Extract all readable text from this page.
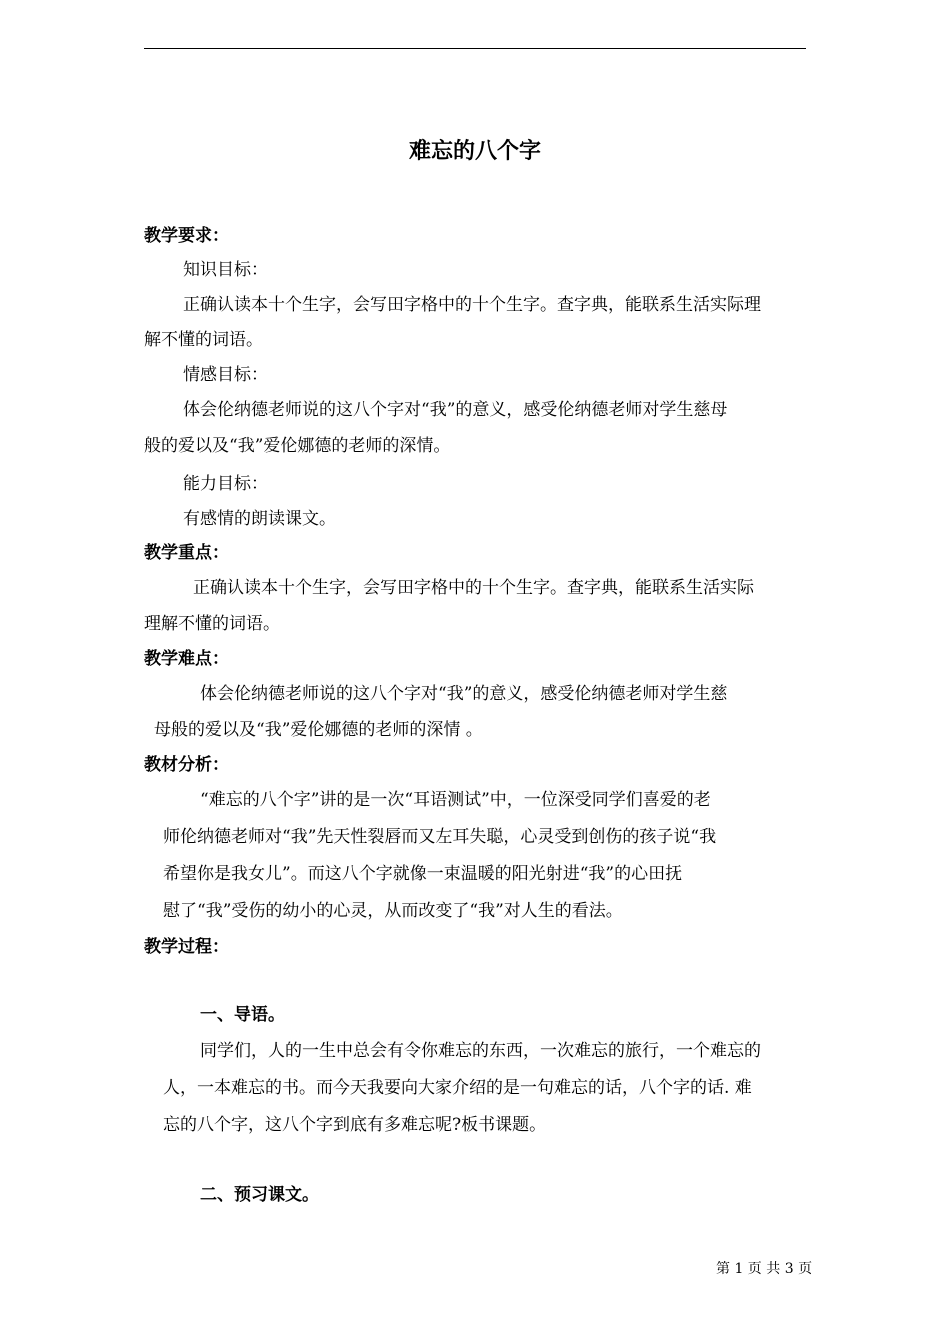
难忘的八个字
教学要求：
知识目标：
正确认读本十个生字，会写田字格中的十个生字。查字典，能联系生活实际理
解不懂的词语。
情感目标：
体会伦纳德老师说的这八个字对“我”的意义，感受伦纳德老师对学生慈母
般的爱以及“我”爱伦娜德的老师的深情。
能力目标：
有感情的朗读课文。
教学重点：
正确认读本十个生字，会写田字格中的十个生字。查字典，能联系生活实际
理解不懂的词语。
教学难点：
体会伦纳德老师说的这八个字对“我”的意义，感受伦纳德老师对学生慈
母般的爱以及“我”爱伦娜德的老师的深情 。
教材分析：
“难忘的八个字”讲的是一次“耳语测试”中，一位深受同学们喜爱的老
师伦纳德老师对“我”先天性裂唇而又左耳失聪，心灵受到创伤的孩子说“我
希望你是我女儿”。而这八个字就像一束温暖的阳光射进“我”的心田抚
慰了“我”受伤的幼小的心灵，从而改变了“我”对人生的看法。
教学过程：
一、导语。
同学们，人的一生中总会有令你难忘的东西，一次难忘的旅行，一个难忘的
人，一本难忘的书。而今天我要向大家介绍的是一句难忘的话，八个字的话. 难
忘的八个字，这八个字到底有多难忘呢?板书课题。
二、预习课文。
第 1 页 共 3 页
